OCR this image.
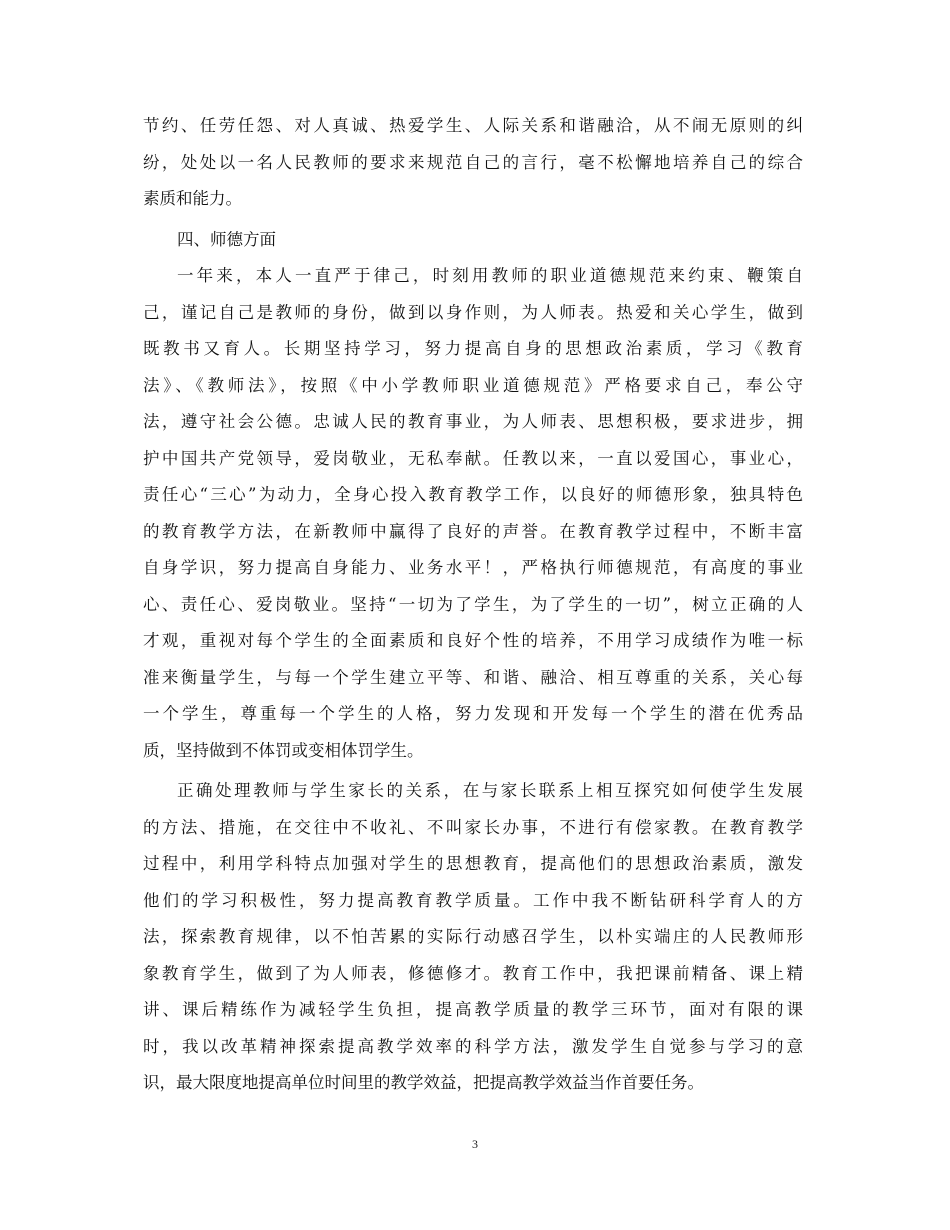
节约、任劳任怨、对人真诚、热爱学生、人际关系和谐融洽，从不闹无原则的纠
纷，处处以一名人民教师的要求来规范自己的言行，毫不松懈地培养自己的综合
素质和能力。
四、师德方面
一年来，本人一直严于律己，时刻用教师的职业道德规范来约束、鞭策自
己，谨记自己是教师的身份，做到以身作则，为人师表。热爱和关心学生，做到
既教书又育人。长期坚持学习，努力提高自身的思想政治素质，学习《教育
法》、《教师法》，按照《中小学教师职业道德规范》严格要求自己，奉公守
法，遵守社会公德。忠诚人民的教育事业，为人师表、思想积极，要求进步，拥
护中国共产党领导，爱岗敬业，无私奉献。任教以来，一直以爱国心，事业心，
责任心“三心”为动力，全身心投入教育教学工作，以良好的师德形象，独具特色
的教育教学方法，在新教师中赢得了良好的声誉。在教育教学过程中，不断丰富
自身学识，努力提高自身能力、业务水平！，严格执行师德规范，有高度的事业
心、责任心、爱岗敬业。坚持“一切为了学生，为了学生的一切”，树立正确的人
才观，重视对每个学生的全面素质和良好个性的培养，不用学习成绩作为唯一标
准来衡量学生，与每一个学生建立平等、和谐、融洽、相互尊重的关系，关心每
一个学生，尊重每一个学生的人格，努力发现和开发每一个学生的潜在优秀品
质，坚持做到不体罚或变相体罚学生。
正确处理教师与学生家长的关系，在与家长联系上相互探究如何使学生发展
的方法、措施，在交往中不收礼、不叫家长办事，不进行有偿家教。在教育教学
过程中，利用学科特点加强对学生的思想教育，提高他们的思想政治素质，激发
他们的学习积极性，努力提高教育教学质量。工作中我不断钻研科学育人的方
法，探索教育规律，以不怕苦累的实际行动感召学生，以朴实端庄的人民教师形
象教育学生，做到了为人师表，修德修才。教育工作中，我把课前精备、课上精
讲、课后精练作为减轻学生负担，提高教学质量的教学三环节，面对有限的课
时，我以改革精神探索提高教学效率的科学方法，激发学生自觉参与学习的意
识，最大限度地提高单位时间里的教学效益，把提高教学效益当作首要任务。
3
